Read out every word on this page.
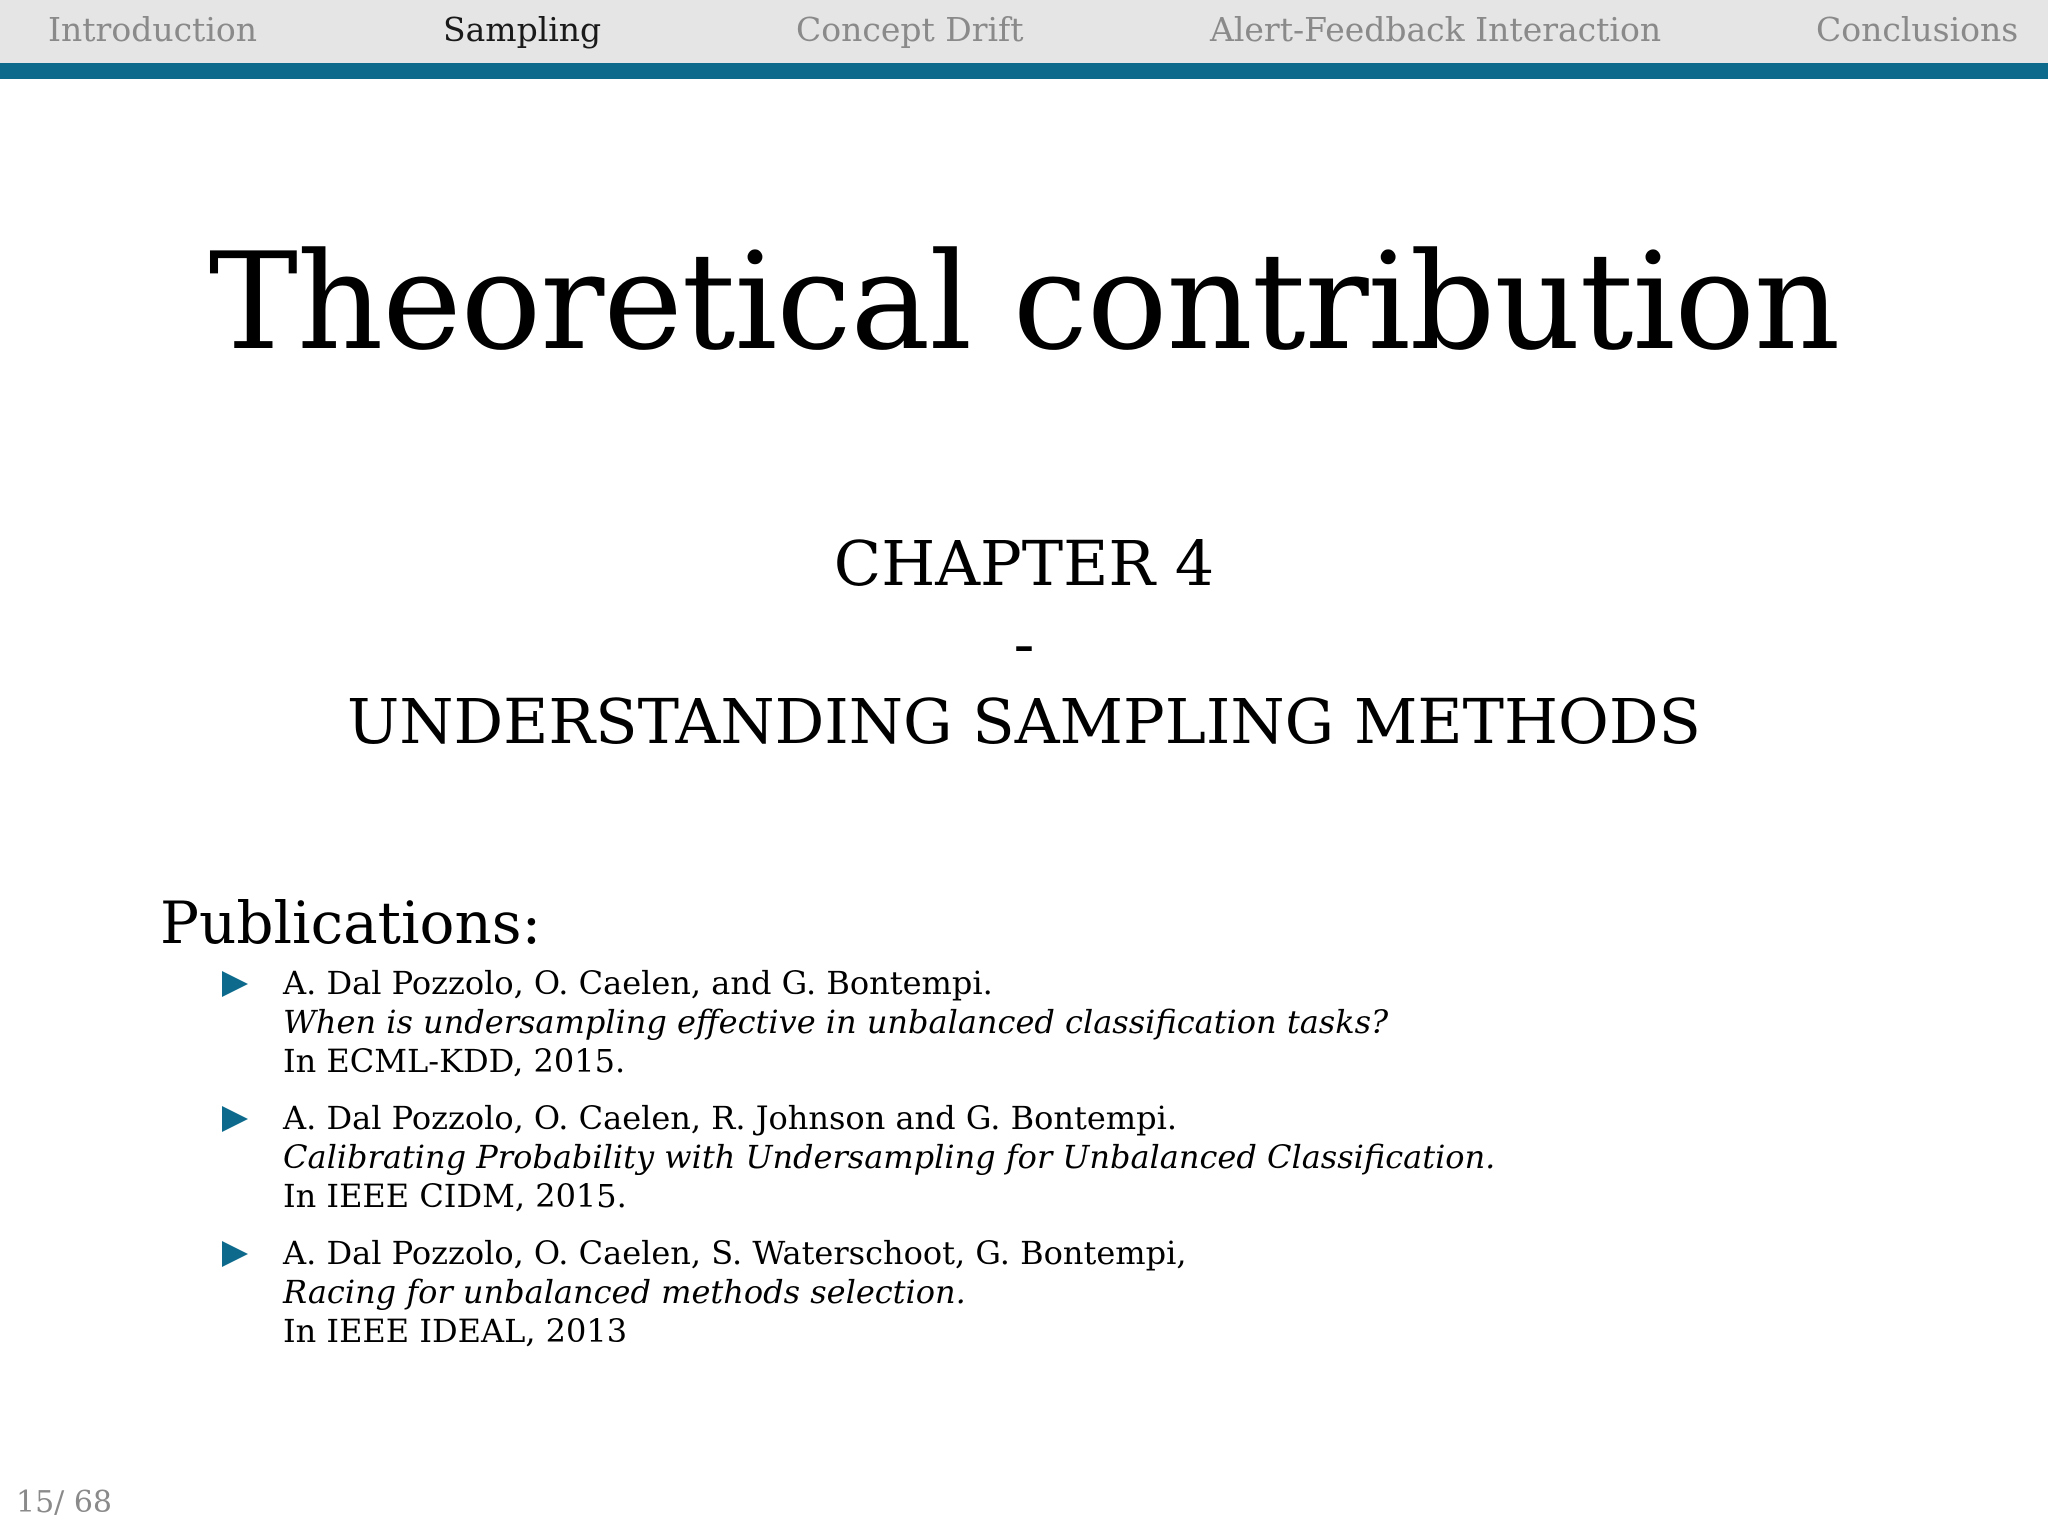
Introduction	Sampling	Concept Drift	Alert-Feedback Interaction	Conclusions
Theoretical contribution
CHAPTER 4
-
UNDERSTANDING SAMPLING METHODS
Publications:
A. Dal Pozzolo, O. Caelen, and G. Bontempi.
When is undersampling effective in unbalanced classification tasks?
In ECML-KDD, 2015.
A. Dal Pozzolo, O. Caelen, R. Johnson and G. Bontempi.
Calibrating Probability with Undersampling for Unbalanced Classification.
In IEEE CIDM, 2015.
A. Dal Pozzolo, O. Caelen, S. Waterschoot, G. Bontempi,
Racing for unbalanced methods selection.
In IEEE IDEAL, 2013
15/ 68
